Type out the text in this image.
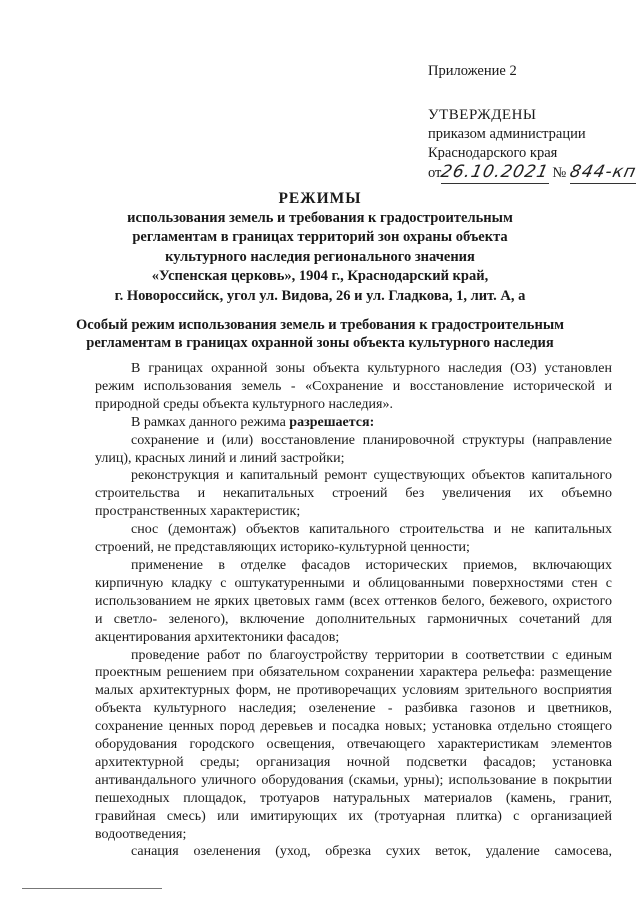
Приложение 2
УТВЕРЖДЕНЫ
приказом администрации
Краснодарского края
от26.10.2021 № 844-кп
РЕЖИМЫ
использования земель и требования к градостроительным
регламентам в границах территорий зон охраны объекта
культурного наследия регионального значения
«Успенская церковь», 1904 г., Краснодарский край,
г. Новороссийск, угол ул. Видова, 26 и ул. Гладкова, 1, лит. А, а
Особый режим использования земель и требования к градостроительным
регламентам в границах охранной зоны объекта культурного наследия

В границах охранной зоны объекта культурного наследия (ОЗ) установлен режим использования земель - «Сохранение и восстановление исторической и природной среды объекта культурного наследия».

В рамках данного режима разрешается:

сохранение и (или) восстановление планировочной структуры (направление улиц), красных линий и линий застройки;

реконструкция и капитальный ремонт существующих объектов капитального строительства и некапитальных строений без увеличения их объемно пространственных характеристик;

снос (демонтаж) объектов капитального строительства и не капитальных строений, не представляющих историко-культурной ценности;

применение в отделке фасадов исторических приемов, включающих кирпичную кладку с оштукатуренными и облицованными поверхностями стен с использованием не ярких цветовых гамм (всех оттенков белого, бежевого, охристого и светло- зеленого), включение дополнительных гармоничных сочетаний для акцентирования архитектоники фасадов;

проведение работ по благоустройству территории в соответствии с единым проектным решением при обязательном сохранении характера рельефа: размещение малых архитектурных форм, не противоречащих условиям зрительного восприятия объекта культурного наследия; озеленение - разбивка газонов и цветников, сохранение ценных пород деревьев и посадка новых; установка отдельно стоящего оборудования городского освещения, отвечающего характеристикам элементов архитектурной среды; организация ночной подсветки фасадов; установка антивандального уличного оборудования (скамьи, урны); использование в покрытии пешеходных площадок, тротуаров натуральных материалов (камень, гранит, гравийная смесь) или имитирующих их (тротуарная плитка) с организацией водоотведения;

санация озеленения (уход, обрезка сухих веток, удаление самосева,
